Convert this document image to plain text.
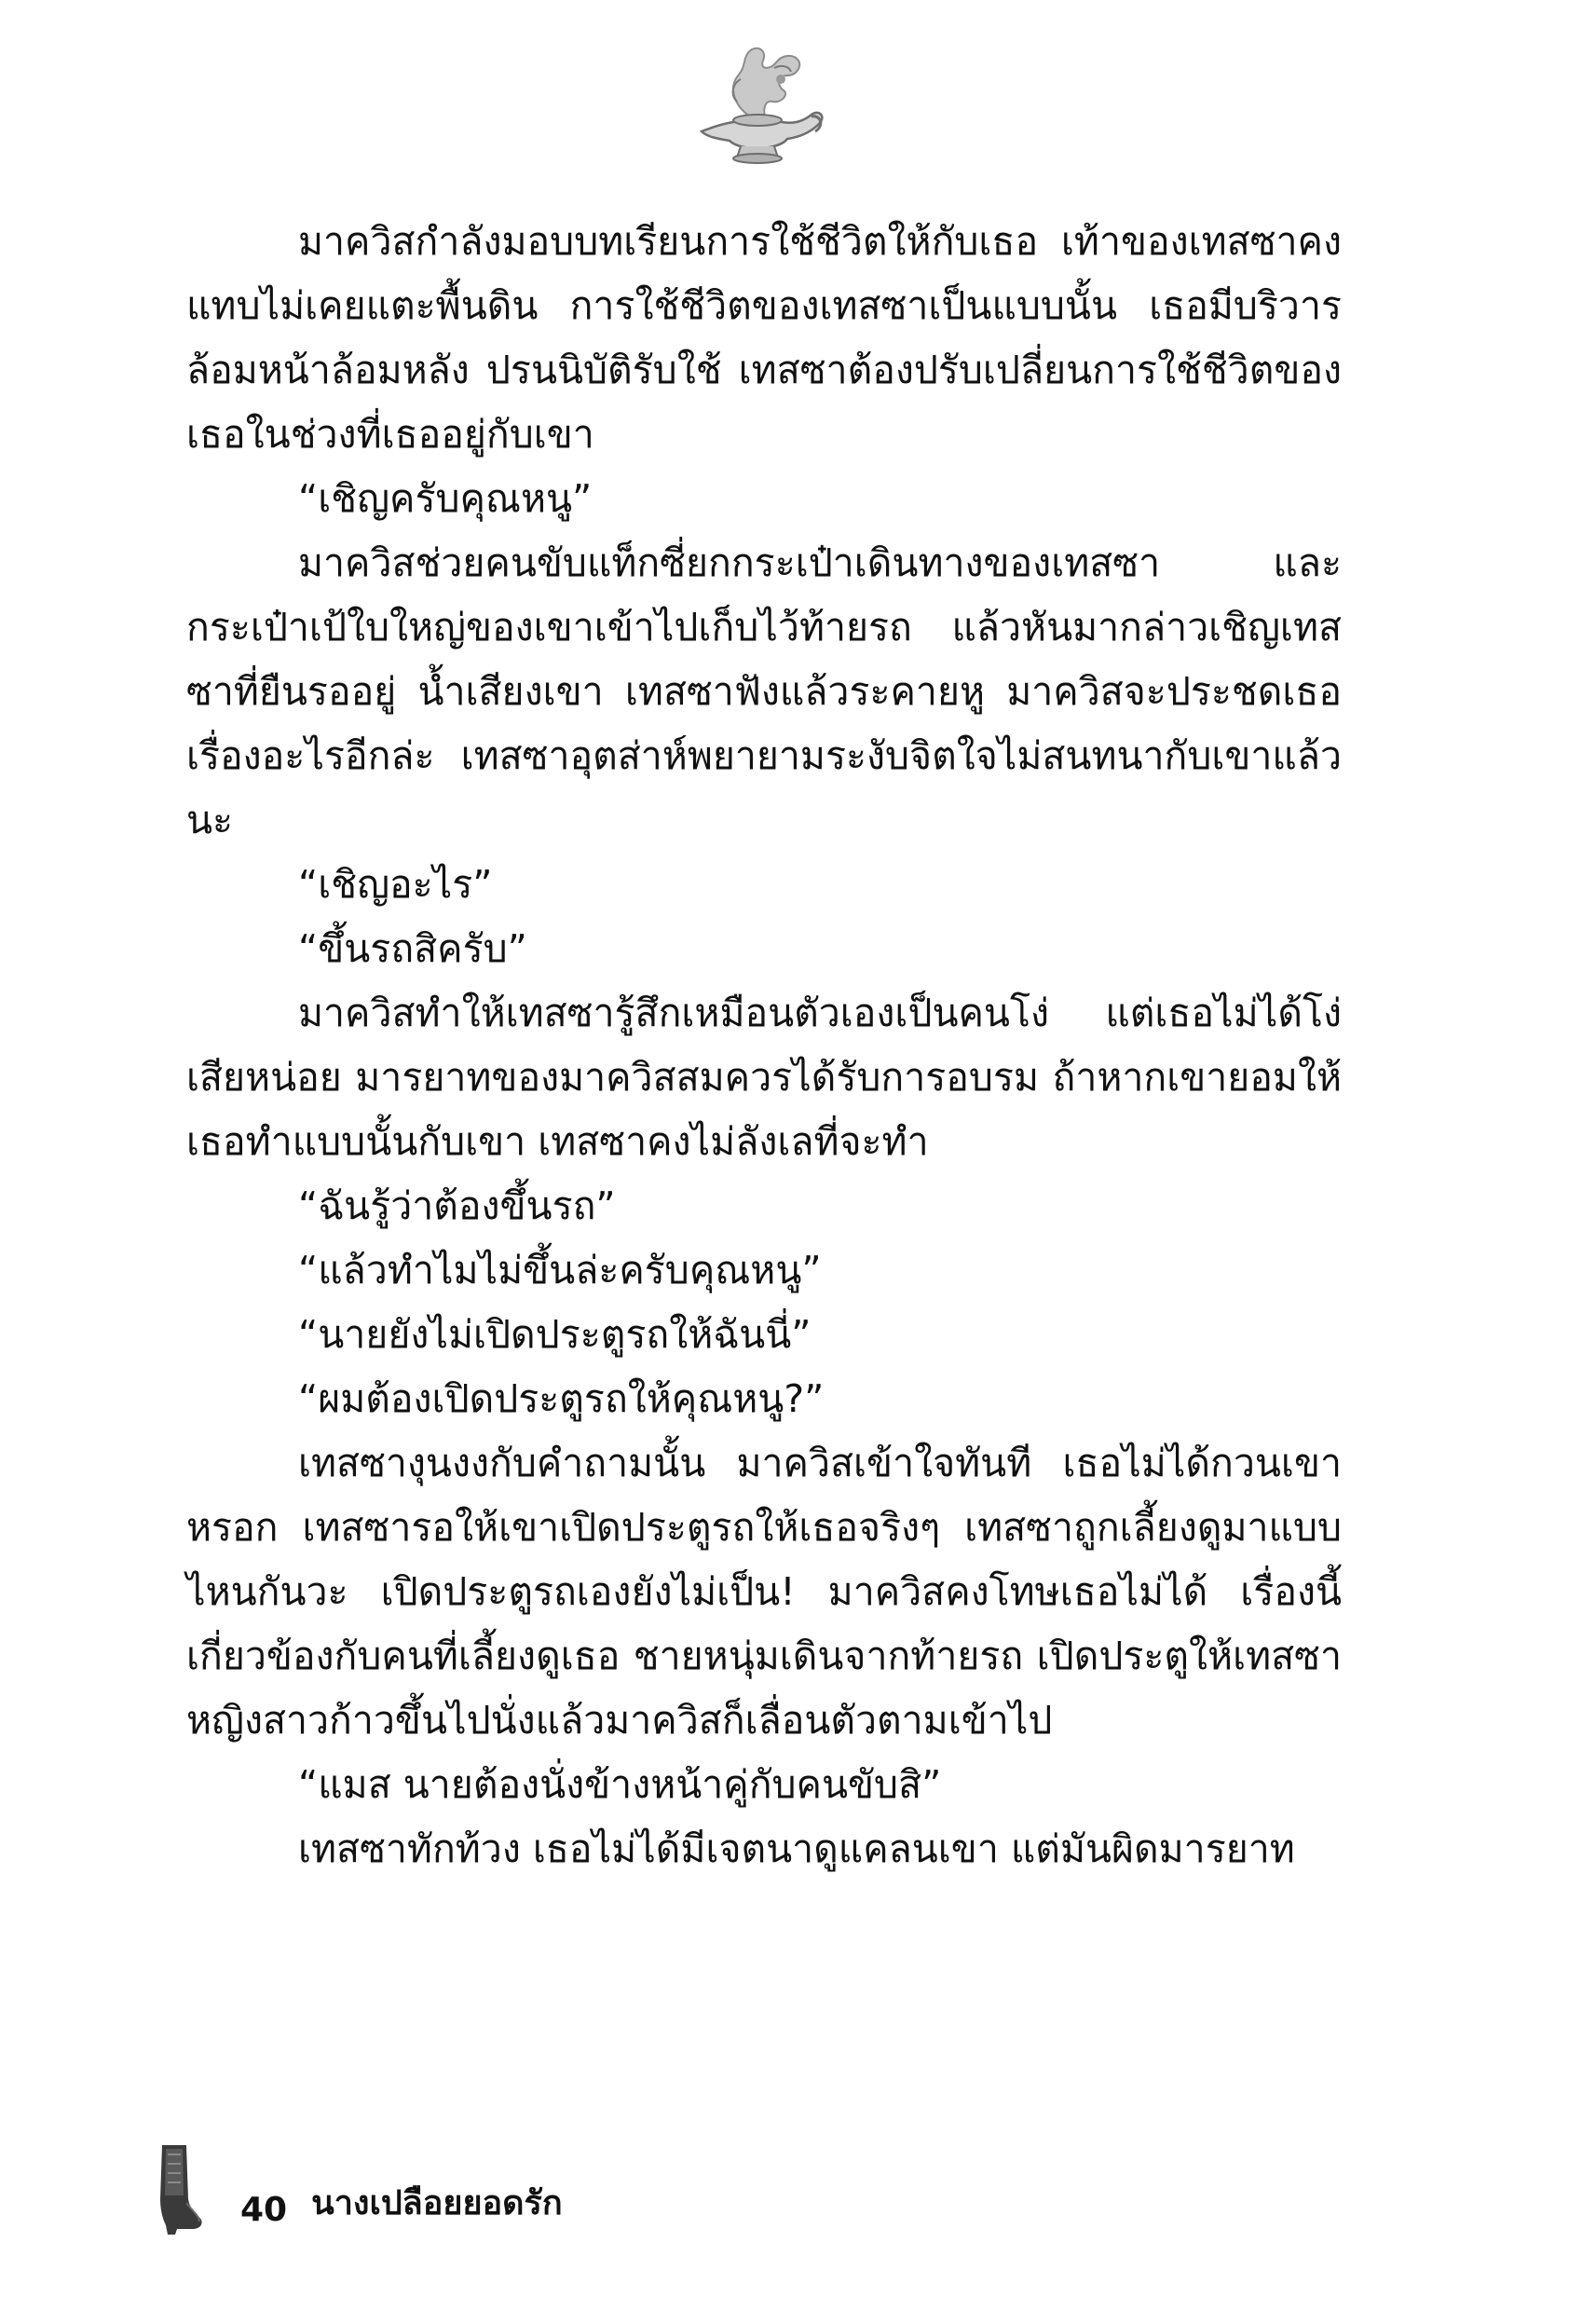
มาควิสกำลังมอบบทเรียนการใช้ชีวิตให้กับเธอ เท้าของเทสซาคงแทบไม่เคยแตะพื้นดิน การใช้ชีวิตของเทสซาเป็นแบบนั้น เธอมีบริวารล้อมหน้าล้อมหลัง ปรนนิบัติรับใช้ เทสซาต้องปรับเปลี่ยนการใช้ชีวิตของเธอในช่วงที่เธออยู่กับเขา

“เชิญครับคุณหนู”

มาควิสช่วยคนขับแท็กซี่ยกกระเป๋าเดินทางของเทสซา และกระเป๋าเป้ใบใหญ่ของเขาเข้าไปเก็บไว้ท้ายรถ แล้วหันมากล่าวเชิญเทสซาที่ยืนรออยู่ น้ำเสียงเขา เทสซาฟังแล้วระคายหู มาควิสจะประชดเธอเรื่องอะไรอีกล่ะ เทสซาอุตส่าห์พยายามระงับจิตใจไม่สนทนากับเขาแล้วนะ

“เชิญอะไร”

“ขึ้นรถสิครับ”

มาควิสทำให้เทสซารู้สึกเหมือนตัวเองเป็นคนโง่ แต่เธอไม่ได้โง่เสียหน่อย มารยาทของมาควิสสมควรได้รับการอบรม ถ้าหากเขายอมให้เธอทำแบบนั้นกับเขา เทสซาคงไม่ลังเลที่จะทำ

“ฉันรู้ว่าต้องขึ้นรถ”

“แล้วทำไมไม่ขึ้นล่ะครับคุณหนู”

“นายยังไม่เปิดประตูรถให้ฉันนี่”

“ผมต้องเปิดประตูรถให้คุณหนู?”

เทสซางุนงงกับคำถามนั้น มาควิสเข้าใจทันที เธอไม่ได้กวนเขาหรอก เทสซารอให้เขาเปิดประตูรถให้เธอจริงๆ เทสซาถูกเลี้ยงดูมาแบบไหนกันวะ เปิดประตูรถเองยังไม่เป็น! มาควิสคงโทษเธอไม่ได้ เรื่องนี้เกี่ยวข้องกับคนที่เลี้ยงดูเธอ ชายหนุ่มเดินจากท้ายรถ เปิดประตูให้เทสซา หญิงสาวก้าวขึ้นไปนั่งแล้วมาควิสก็เลื่อนตัวตามเข้าไป

“แมส นายต้องนั่งข้างหน้าคู่กับคนขับสิ”

เทสซาทักท้วง เธอไม่ได้มีเจตนาดูแคลนเขา แต่มันผิดมารยาท

40 นางเปลือยยอดรัก
